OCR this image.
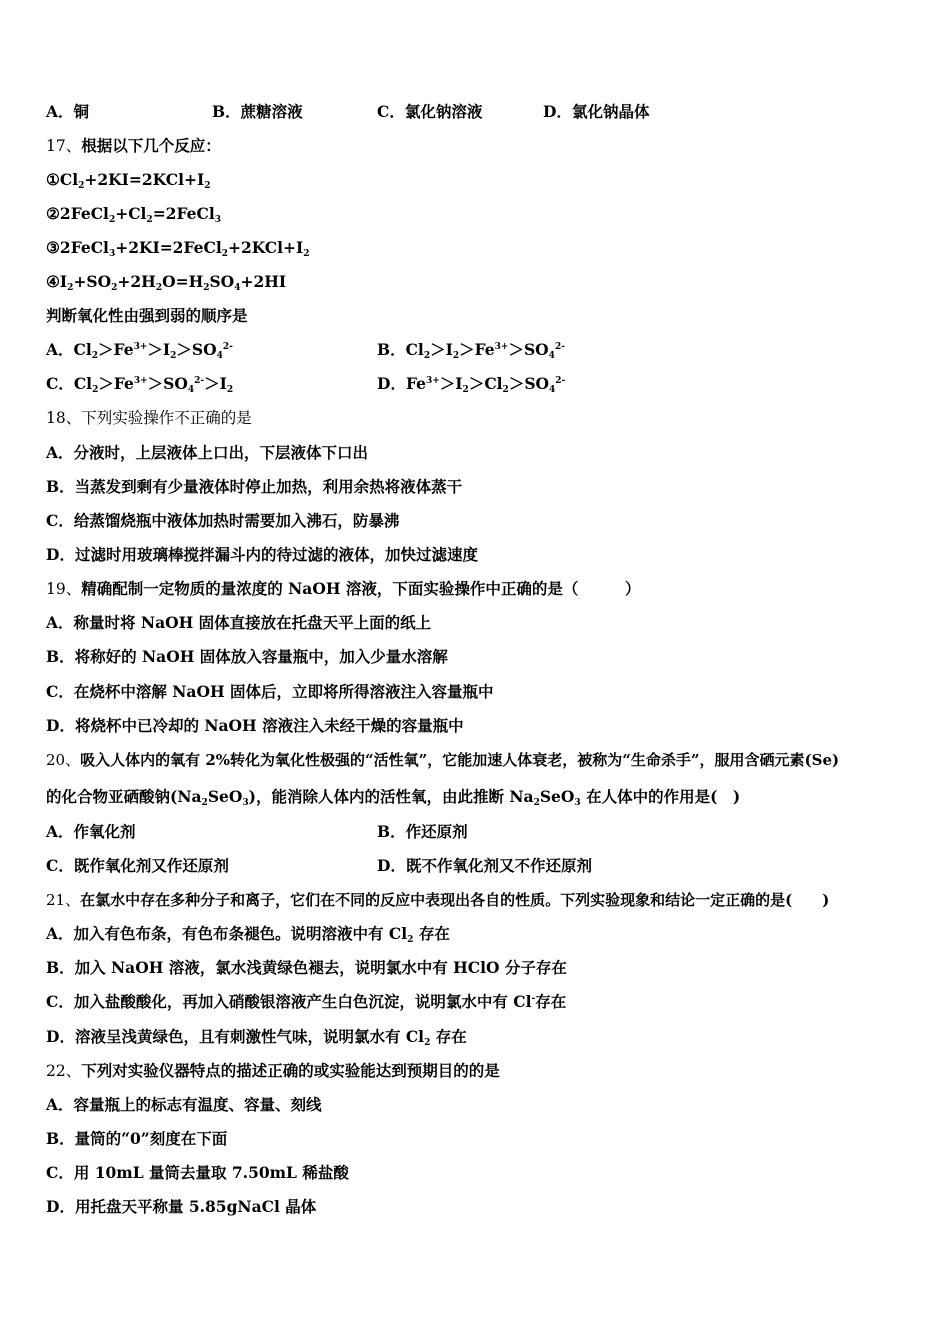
A．铜	B．蔗糖溶液	C．氯化钠溶液	D．氯化钠晶体
17、根据以下几个反应：
$①Cl_2+2KI=2KCl+I_2$
$②2FeCl_2+Cl_2=2FeCl_3$
$③2FeCl_3+2KI=2FeCl_2+2KCl+I_2$
$④I_2+SO_2+2H_2O=H_2SO_4+2HI$
判断氧化性由强到弱的顺序是
A．$Cl_2>Fe^{3+}>I_2>SO_4^{2-}$	B．$Cl_2>I_2>Fe^{3+}>SO_4^{2-}$
C．$Cl_2>Fe^{3+}>SO_4^{2-}>I_2$	D．$Fe^{3+}>I_2>Cl_2>SO_4^{2-}$
18、下列实验操作不正确的是
A．分液时，上层液体上口出，下层液体下口出
B．当蒸发到剩有少量液体时停止加热，利用余热将液体蒸干
C．给蒸馏烧瓶中液体加热时需要加入沸石，防暴沸
D．过滤时用玻璃棒搅拌漏斗内的待过滤的液体，加快过滤速度
19、精确配制一定物质的量浓度的 NaOH 溶液，下面实验操作中正确的是（　　　）
A．称量时将 NaOH 固体直接放在托盘天平上面的纸上
B．将称好的 NaOH 固体放入容量瓶中，加入少量水溶解
C．在烧杯中溶解 NaOH 固体后，立即将所得溶液注入容量瓶中
D．将烧杯中已冷却的 NaOH 溶液注入未经干燥的容量瓶中
20、吸入人体内的氧有 2%转化为氧化性极强的“活性氧”，它能加速人体衰老，被称为“生命杀手”，服用含硒元素(Se)
的化合物亚硒酸钠$(Na_2SeO_3)$，能消除人体内的活性氧，由此推断 $Na_2SeO_3$ 在人体中的作用是(　)
A．作氧化剂	B．作还原剂
C．既作氧化剂又作还原剂	D．既不作氧化剂又不作还原剂
21、在氯水中存在多种分子和离子，它们在不同的反应中表现出各自的性质。下列实验现象和结论一定正确的是(　　)
A．加入有色布条，有色布条褪色。说明溶液中有 $Cl_2$ 存在
B．加入 NaOH 溶液，氯水浅黄绿色褪去，说明氯水中有 HClO 分子存在
C．加入盐酸酸化，再加入硝酸银溶液产生白色沉淀，说明氯水中有 Cl-存在
D．溶液呈浅黄绿色，且有刺激性气味，说明氯水有 $Cl_2$ 存在
22、下列对实验仪器特点的描述正确的或实验能达到预期目的的是
A．容量瓶上的标志有温度、容量、刻线
B．量筒的“0”刻度在下面
C．用 10mL 量筒去量取 7.50mL 稀盐酸
D．用托盘天平称量 5.85gNaCl 晶体
